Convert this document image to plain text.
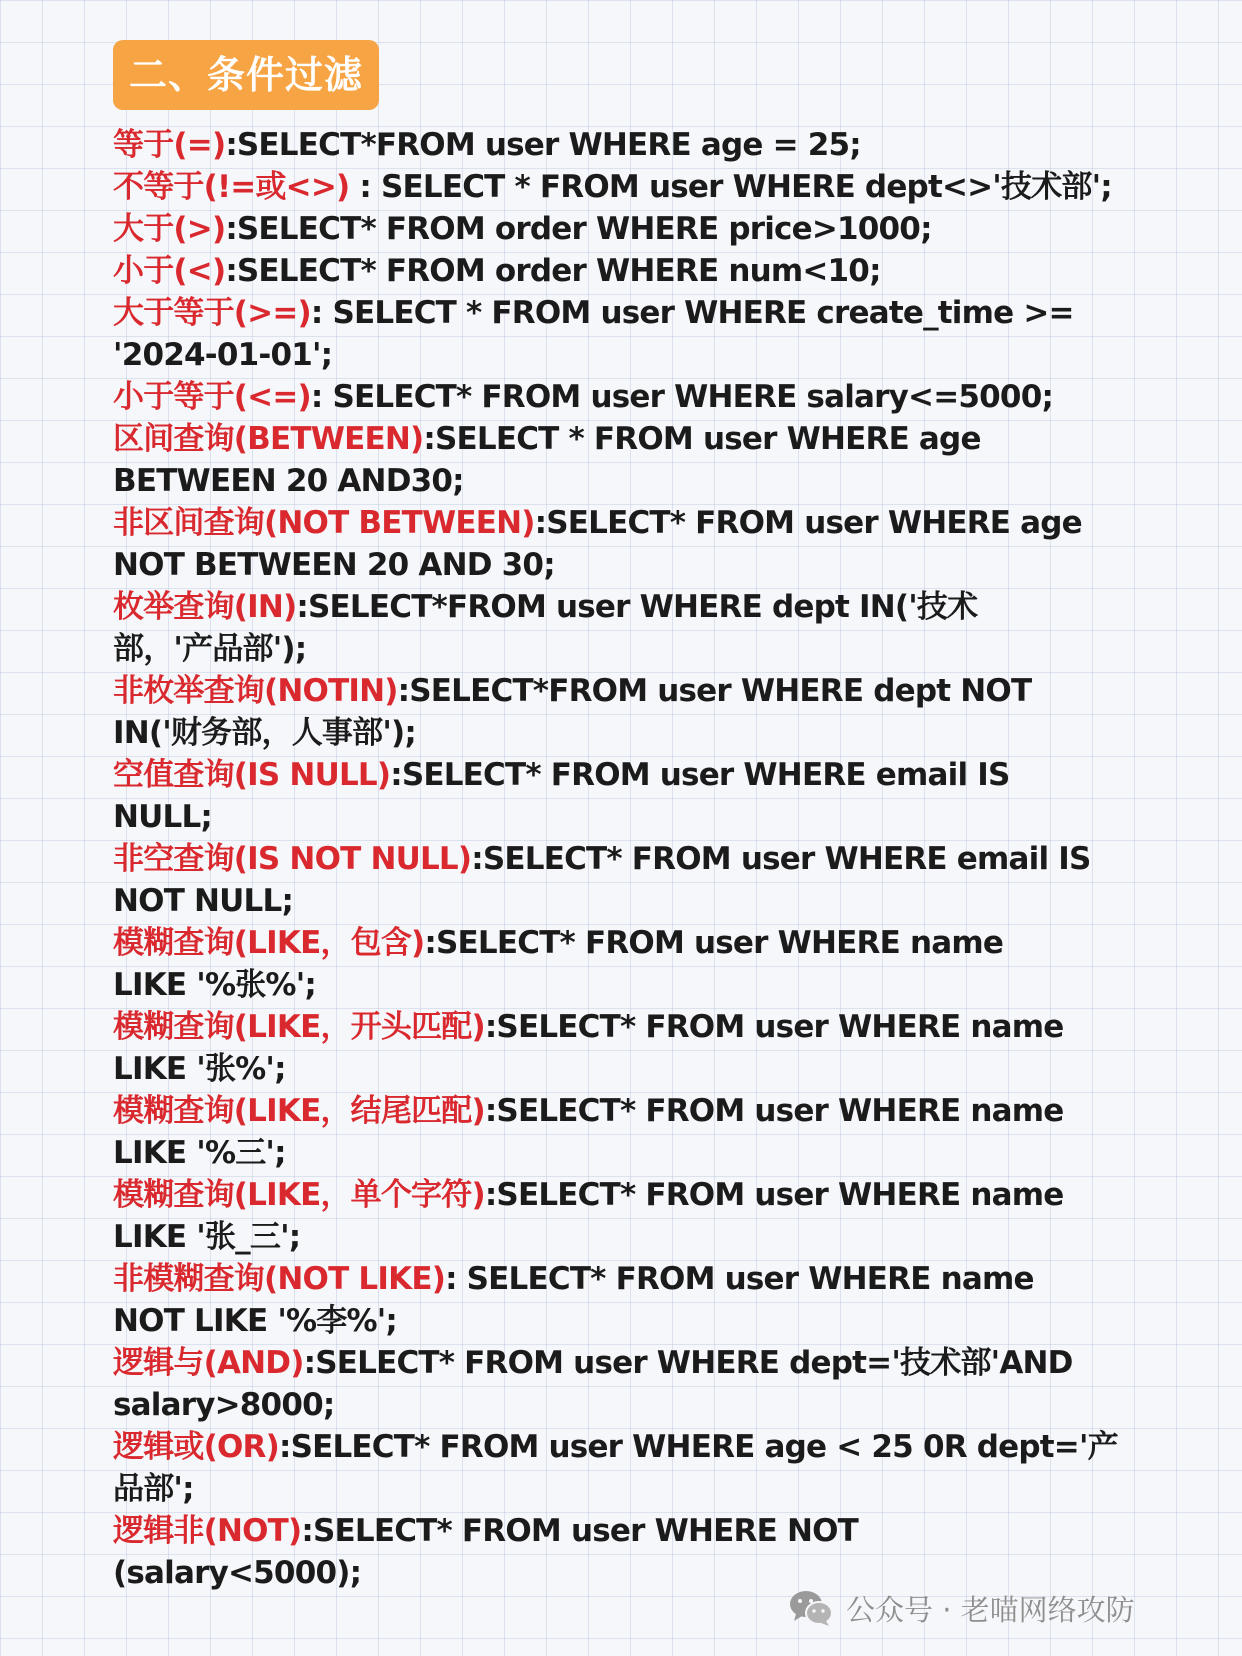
二、条件过滤
等于(=):SELECT*FROM user WHERE age = 25;
不等于(!=或<>) : SELECT * FROM user WHERE dept<>'技术部';
大于(>):SELECT* FROM order WHERE price>1000;
小于(<):SELECT* FROM order WHERE num<10;
大于等于(>=): SELECT * FROM user WHERE create_time >=
'2024-01-01';
小于等于(<=): SELECT* FROM user WHERE salary<=5000;
区间查询(BETWEEN):SELECT * FROM user WHERE age
BETWEEN 20 AND30;
非区间查询(NOT BETWEEN):SELECT* FROM user WHERE age
NOT BETWEEN 20 AND 30;
枚举查询(IN):SELECT*FROM user WHERE dept IN('技术
部，'产品部');
非枚举查询(NOTIN):SELECT*FROM user WHERE dept NOT
IN('财务部，人事部');
空值查询(IS NULL):SELECT* FROM user WHERE email IS
NULL;
非空查询(IS NOT NULL):SELECT* FROM user WHERE email IS
NOT NULL;
模糊查询(LIKE，包含):SELECT* FROM user WHERE name
LIKE '%张%';
模糊查询(LIKE，开头匹配):SELECT* FROM user WHERE name
LIKE '张%';
模糊查询(LIKE，结尾匹配):SELECT* FROM user WHERE name
LIKE '%三';
模糊查询(LIKE，单个字符):SELECT* FROM user WHERE name
LIKE '张_三';
非模糊查询(NOT LIKE): SELECT* FROM user WHERE name
NOT LIKE '%李%';
逻辑与(AND):SELECT* FROM user WHERE dept='技术部'AND
salary>8000;
逻辑或(OR):SELECT* FROM user WHERE age < 25 0R dept='产
品部';
逻辑非(NOT):SELECT* FROM user WHERE NOT
(salary<5000);
公众号 · 老喵网络攻防
